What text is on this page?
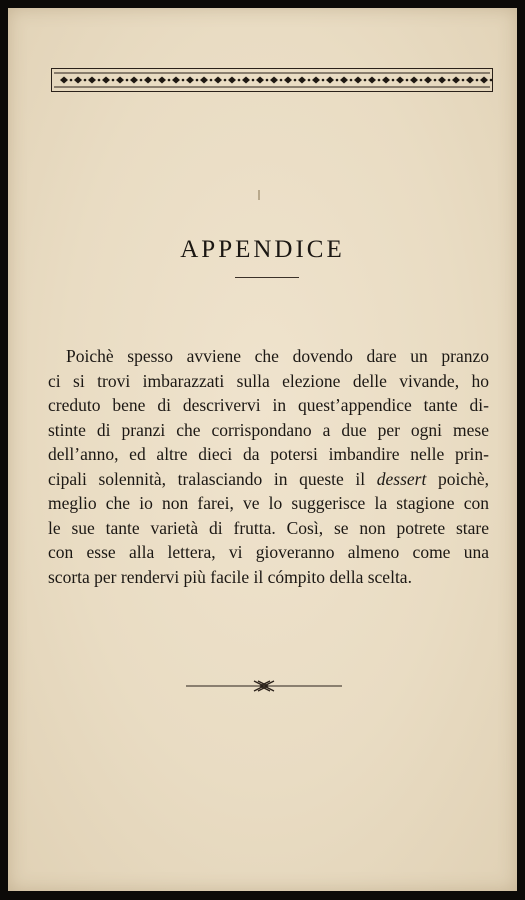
APPENDICE
Poichè spesso avviene che dovendo dare un pranzo
ci si trovi imbarazzati sulla elezione delle vivande, ho
creduto bene di descrivervi in quest’appendice tante di-
stinte di pranzi che corrispondano a due per ogni mese
dell’anno, ed altre dieci da potersi imbandire nelle prin-
cipali solennità, tralasciando in queste il dessert poichè,
meglio che io non farei, ve lo suggerisce la stagione con
le sue tante varietà di frutta. Così, se non potrete stare
con esse alla lettera, vi gioveranno almeno come una
scorta per rendervi più facile il cómpito della scelta.
